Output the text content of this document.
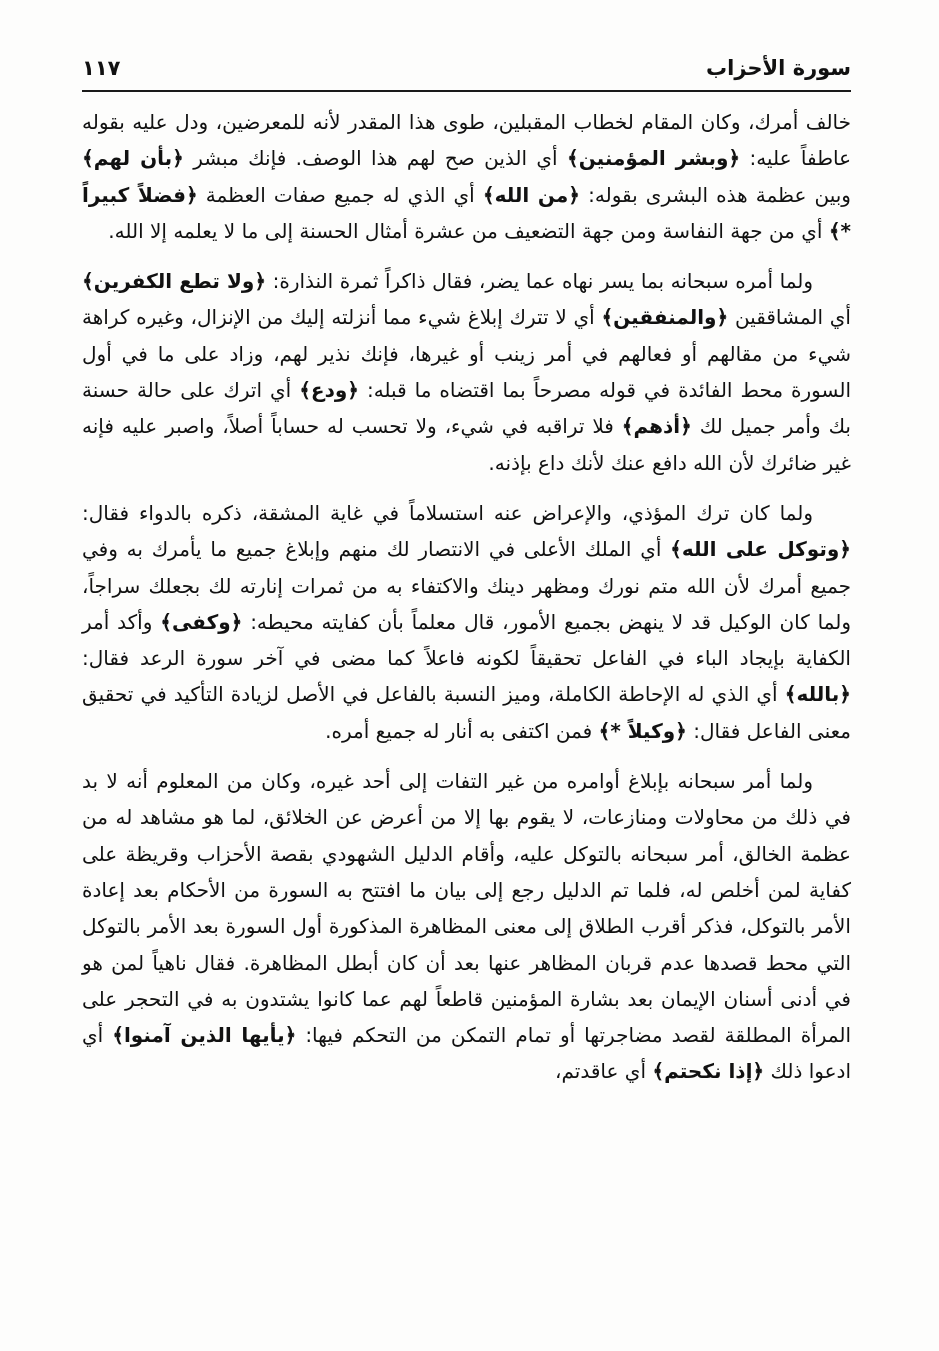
سورة الأحزاب
١١٧

خالف أمرك، وكان المقام لخطاب المقبلين، طوى هذا المقدر لأنه للمعرضين، ودل عليه بقوله عاطفاً عليه: ﴿وبشر المؤمنين﴾ أي الذين صح لهم هذا الوصف. فإنك مبشر ﴿بأن لهم﴾ وبين عظمة هذه البشرى بقوله: ﴿من الله﴾ أي الذي له جميع صفات العظمة ﴿فضلاً كبيراً *﴾ أي من جهة النفاسة ومن جهة التضعيف من عشرة أمثال الحسنة إلى ما لا يعلمه إلا الله.

ولما أمره سبحانه بما يسر نهاه عما يضر، فقال ذاكراً ثمرة النذارة: ﴿ولا تطع الكفرين﴾ أي المشاققين ﴿والمنفقين﴾ أي لا تترك إبلاغ شيء مما أنزلته إليك من الإنزال، وغيره كراهة شيء من مقالهم أو فعالهم في أمر زينب أو غيرها، فإنك نذير لهم، وزاد على ما في أول السورة محط الفائدة في قوله مصرحاً بما اقتضاه ما قبله: ﴿ودع﴾ أي اترك على حالة حسنة بك وأمر جميل لك ﴿أذهم﴾ فلا تراقبه في شيء، ولا تحسب له حساباً أصلاً، واصبر عليه فإنه غير ضائرك لأن الله دافع عنك لأنك داع بإذنه.

ولما كان ترك المؤذي، والإعراض عنه استسلاماً في غاية المشقة، ذكره بالدواء فقال: ﴿وتوكل على الله﴾ أي الملك الأعلى في الانتصار لك منهم وإبلاغ جميع ما يأمرك به وفي جميع أمرك لأن الله متم نورك ومظهر دينك والاكتفاء به من ثمرات إنارته لك بجعلك سراجاً، ولما كان الوكيل قد لا ينهض بجميع الأمور، قال معلماً بأن كفايته محيطه: ﴿وكفى﴾ وأكد أمر الكفاية بإيجاد الباء في الفاعل تحقيقاً لكونه فاعلاً كما مضى في آخر سورة الرعد فقال: ﴿بالله﴾ أي الذي له الإحاطة الكاملة، وميز النسبة بالفاعل في الأصل لزيادة التأكيد في تحقيق معنى الفاعل فقال: ﴿وكيلاً *﴾ فمن اكتفى به أنار له جميع أمره.

ولما أمر سبحانه بإبلاغ أوامره من غير التفات إلى أحد غيره، وكان من المعلوم أنه لا بد في ذلك من محاولات ومنازعات، لا يقوم بها إلا من أعرض عن الخلائق، لما هو مشاهد له من عظمة الخالق، أمر سبحانه بالتوكل عليه، وأقام الدليل الشهودي بقصة الأحزاب وقريظة على كفاية لمن أخلص له، فلما تم الدليل رجع إلى بيان ما افتتح به السورة من الأحكام بعد إعادة الأمر بالتوكل، فذكر أقرب الطلاق إلى معنى المظاهرة المذكورة أول السورة بعد الأمر بالتوكل التي محط قصدها عدم قربان المظاهر عنها بعد أن كان أبطل المظاهرة. فقال ناهياً لمن هو في أدنى أسنان الإيمان بعد بشارة المؤمنين قاطعاً لهم عما كانوا يشتدون به في التحجر على المرأة المطلقة لقصد مضاجرتها أو تمام التمكن من التحكم فيها: ﴿يأيها الذين آمنوا﴾ أي ادعوا ذلك ﴿إذا نكحتم﴾ أي عاقدتم،
